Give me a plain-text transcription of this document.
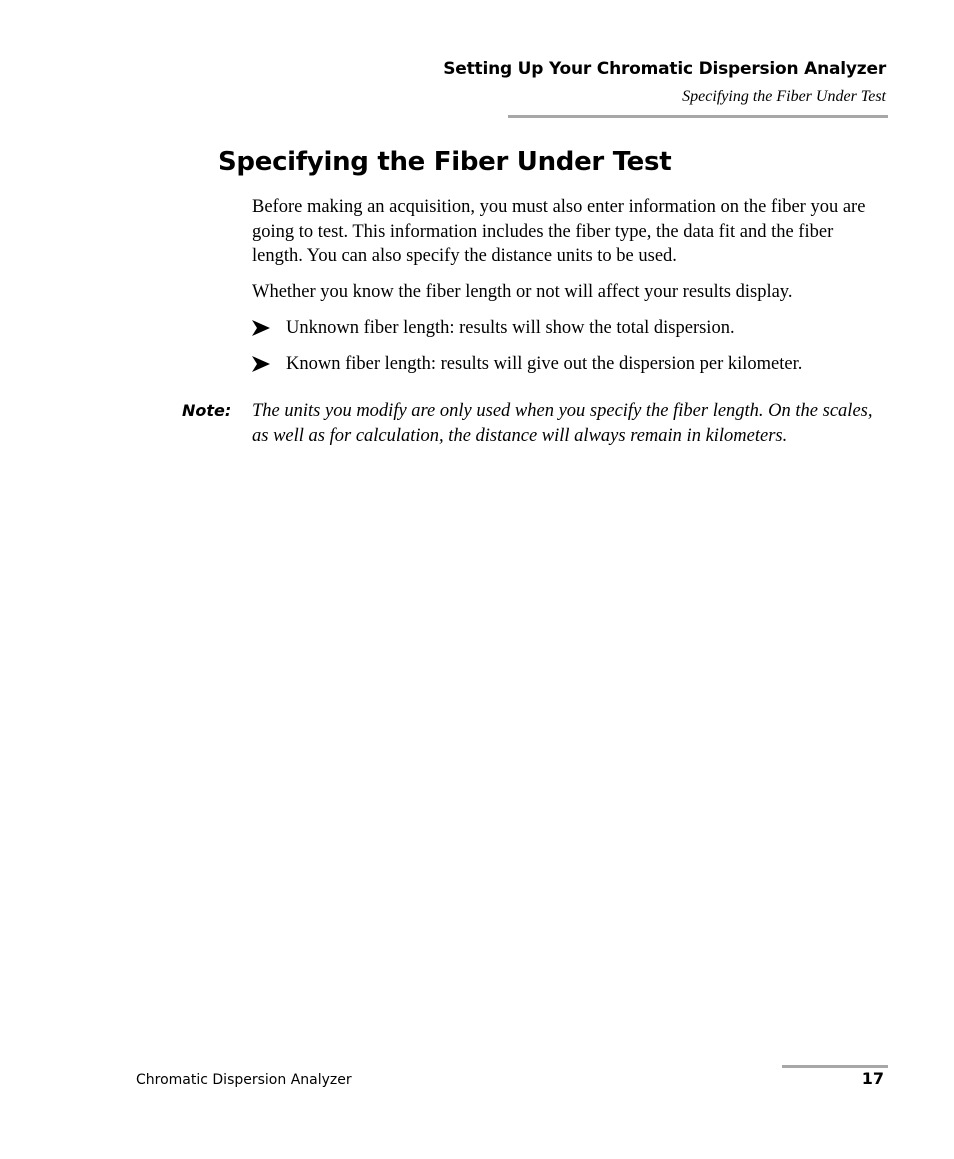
Setting Up Your Chromatic Dispersion Analyzer
Specifying the Fiber Under Test
Specifying the Fiber Under Test

Before making an acquisition, you must also enter information on the fiber you are going to test. This information includes the fiber type, the data fit and the fiber length. You can also specify the distance units to be used.

Whether you know the fiber length or not will affect your results display.

Unknown fiber length: results will show the total dispersion.
Known fiber length: results will give out the dispersion per kilometer.
Note: The units you modify are only used when you specify the fiber length. On the scales, as well as for calculation, the distance will always remain in kilometers.

Chromatic Dispersion Analyzer	17
